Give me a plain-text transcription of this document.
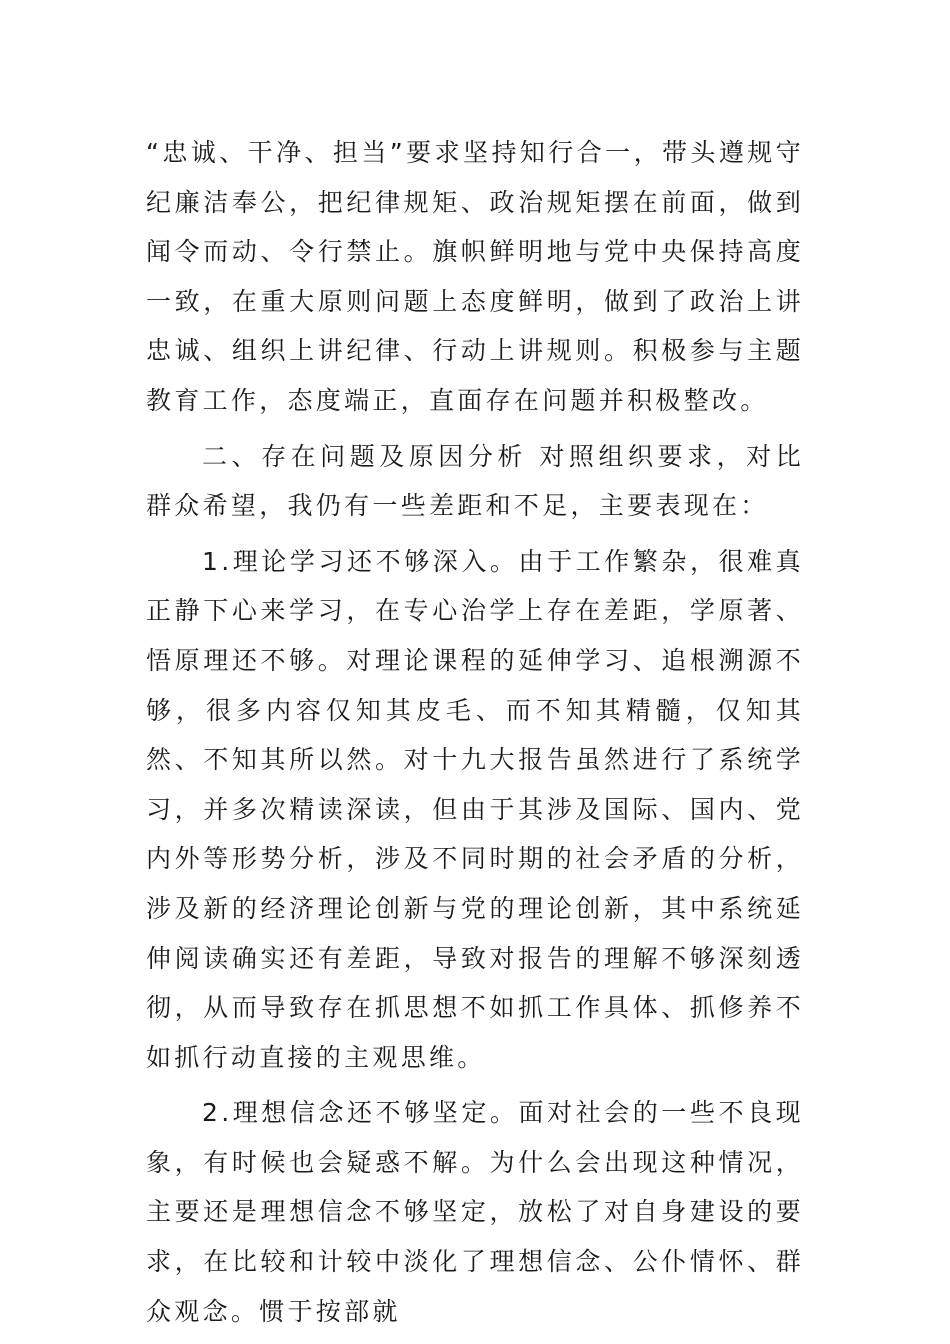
“忠诚、干净、担当”要求坚持知行合一，带头遵规守纪廉洁奉公，把纪律规矩、政治规矩摆在前面，做到闻令而动、令行禁止。旗帜鲜明地与党中央保持高度一致，在重大原则问题上态度鲜明，做到了政治上讲忠诚、组织上讲纪律、行动上讲规则。积极参与主题教育工作，态度端正，直面存在问题并积极整改。

二、存在问题及原因分析 对照组织要求，对比群众希望，我仍有一些差距和不足，主要表现在：

1.理论学习还不够深入。由于工作繁杂，很难真正静下心来学习，在专心治学上存在差距，学原著、悟原理还不够。对理论课程的延伸学习、追根溯源不够，很多内容仅知其皮毛、而不知其精髓，仅知其然、不知其所以然。对十九大报告虽然进行了系统学习，并多次精读深读，但由于其涉及国际、国内、党内外等形势分析，涉及不同时期的社会矛盾的分析，涉及新的经济理论创新与党的理论创新，其中系统延伸阅读确实还有差距，导致对报告的理解不够深刻透彻，从而导致存在抓思想不如抓工作具体、抓修养不如抓行动直接的主观思维。

2.理想信念还不够坚定。面对社会的一些不良现象，有时候也会疑惑不解。为什么会出现这种情况，主要还是理想信念不够坚定，放松了对自身建设的要求，在比较和计较中淡化了理想信念、公仆情怀、群众观念。惯于按部就
